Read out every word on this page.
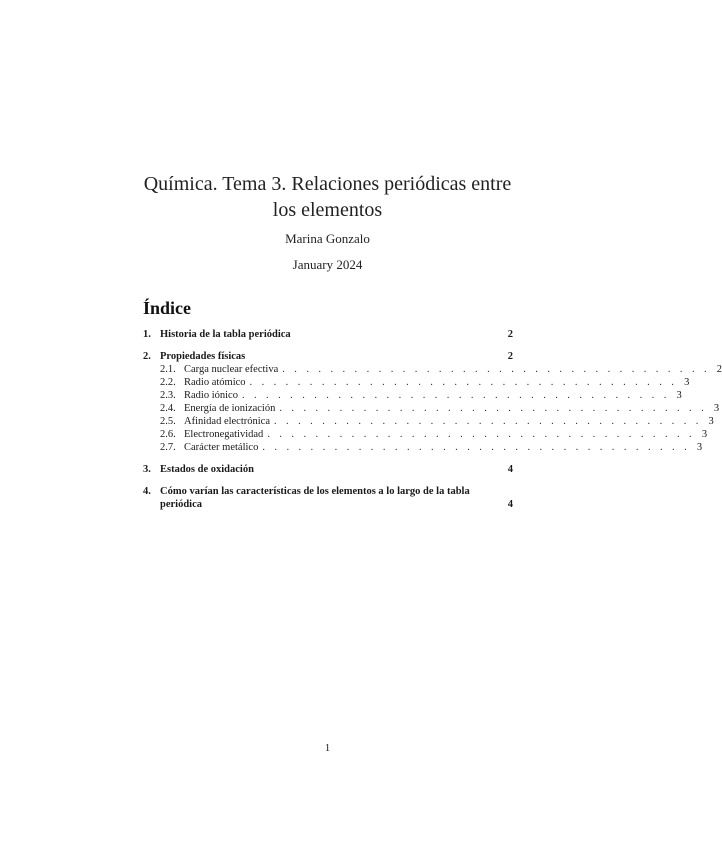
Química. Tema 3. Relaciones periódicas entre
los elementos
Marina Gonzalo
January 2024
Índice
1. Historia de la tabla periódica	2
2. Propiedades físicas	2
2.1. Carga nuclear efectiva . . . . . . . . . . . . . . . . . . . . . . . . . . . . . . . . . . . . 2
2.2. Radio atómico . . . . . . . . . . . . . . . . . . . . . . . . . . . . . . . . . . . . 3
2.3. Radio iónico . . . . . . . . . . . . . . . . . . . . . . . . . . . . . . . . . . . . 3
2.4. Energía de ionización . . . . . . . . . . . . . . . . . . . . . . . . . . . . . . . . . . . . 3
2.5. Afinidad electrónica . . . . . . . . . . . . . . . . . . . . . . . . . . . . . . . . . . . . 3
2.6. Electronegatividad . . . . . . . . . . . . . . . . . . . . . . . . . . . . . . . . . . . . 3
2.7. Carácter metálico . . . . . . . . . . . . . . . . . . . . . . . . . . . . . . . . . . . . 3
3. Estados de oxidación	4
4. Cómo varían las características de los elementos a lo largo de la tabla periódica	4
1
